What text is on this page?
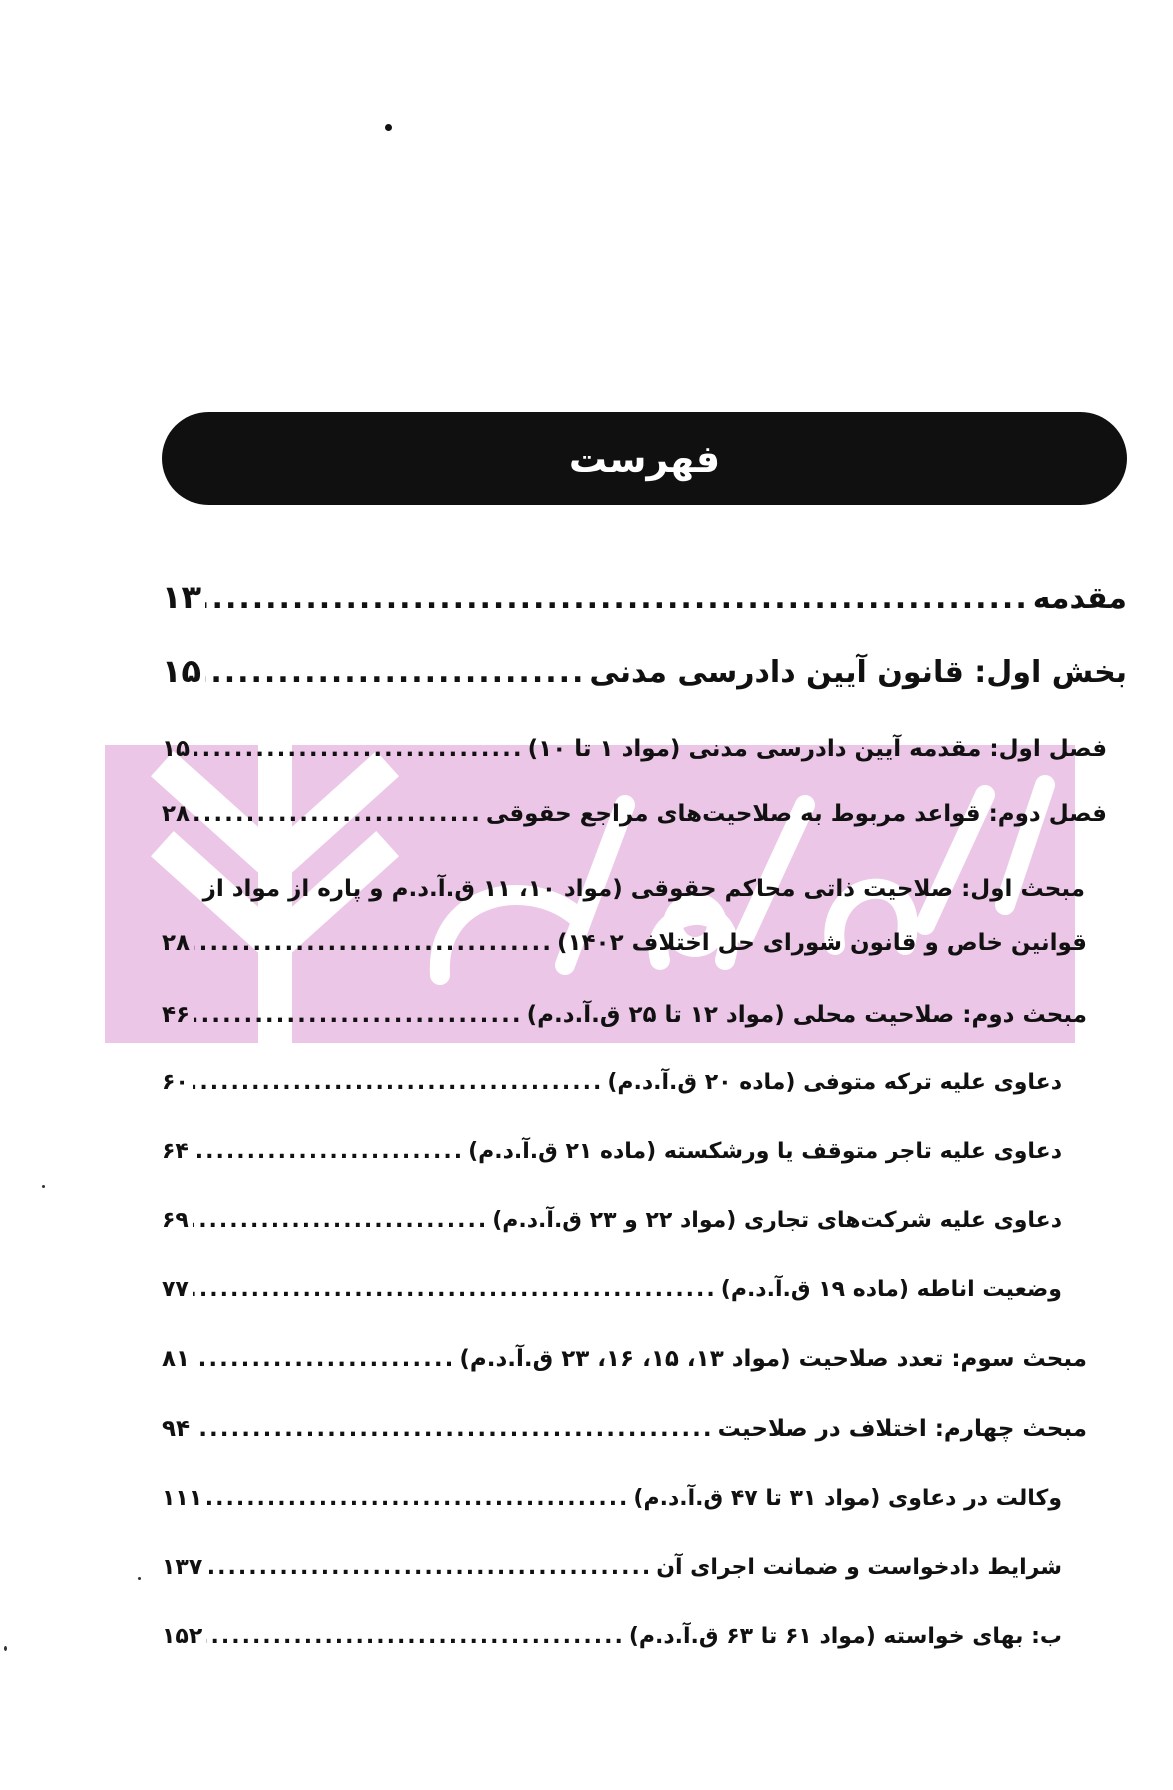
فهرست
مقدمه
.....
۱۳
بخش اول: قانون آیین دادرسی مدنی
.....
۱۵
فصل اول: مقدمه آیین دادرسی مدنی (مواد ۱ تا ۱۰)
.....
۱۵
فصل دوم: قواعد مربوط به صلاحیت‌های مراجع حقوقی
.....
۲۸
مبحث اول: صلاحیت ذاتی محاکم حقوقی (مواد ۱۰، ۱۱ ق.آ.د.م و پاره از مواد از
قوانین خاص و قانون شورای حل اختلاف ۱۴۰۲)
.....
۲۸
مبحث دوم: صلاحیت محلی (مواد ۱۲ تا ۲۵ ق.آ.د.م)
.....
۴۶
دعاوی علیه ترکه متوفی (ماده ۲۰ ق.آ.د.م)
.....
۶۰
دعاوی علیه تاجر متوقف یا ورشکسته (ماده ۲۱ ق.آ.د.م)
.....
۶۴
دعاوی علیه شرکت‌های تجاری (مواد ۲۲ و ۲۳ ق.آ.د.م)
.....
۶۹
وضعیت اناطه (ماده ۱۹ ق.آ.د.م)
.....
۷۷
مبحث سوم: تعدد صلاحیت (مواد ۱۳، ۱۵، ۱۶، ۲۳ ق.آ.د.م)
.....
۸۱
مبحث چهارم: اختلاف در صلاحیت
.....
۹۴
وکالت در دعاوی (مواد ۳۱ تا ۴۷ ق.آ.د.م)
.....
۱۱۱
شرایط دادخواست و ضمانت اجرای آن
.....
۱۳۷
ب: بهای خواسته (مواد ۶۱ تا ۶۳ ق.آ.د.م)
.....
۱۵۲
